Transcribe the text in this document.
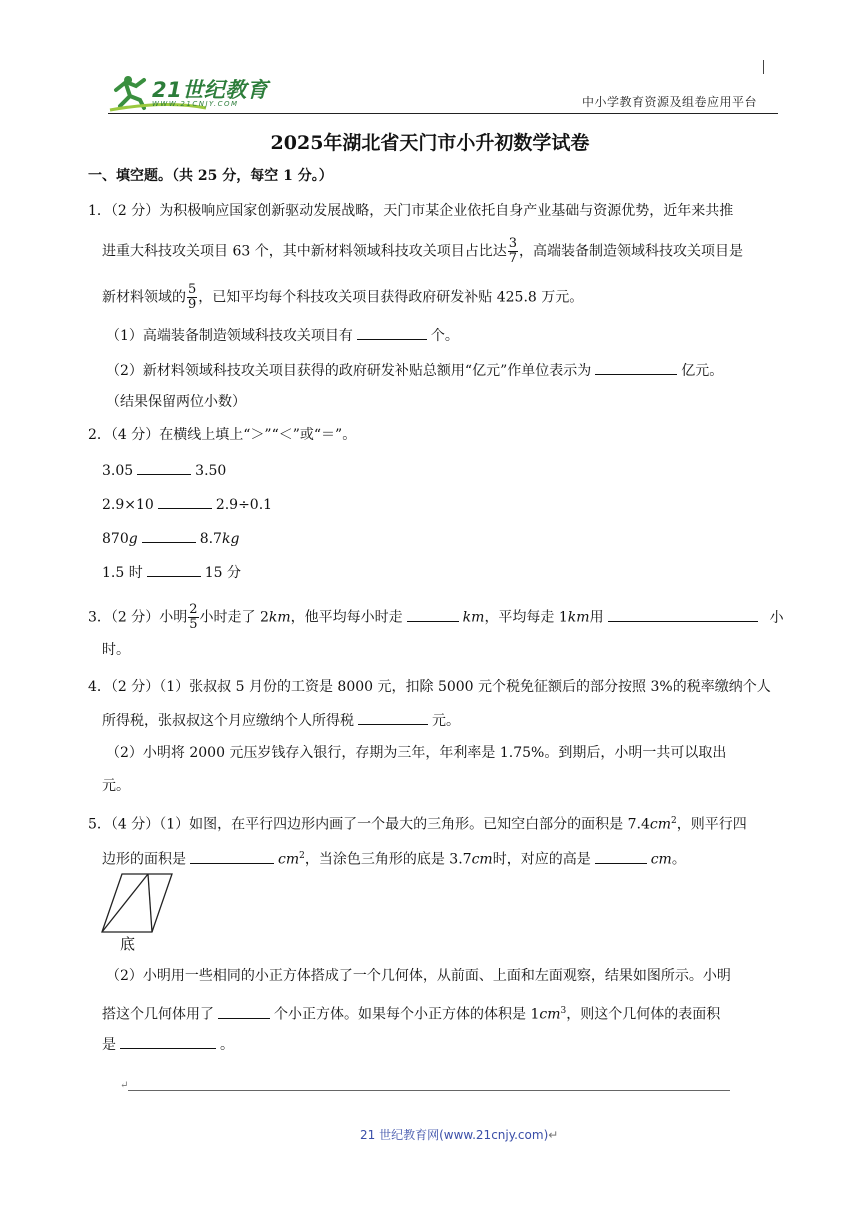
21世纪教育
WWW.21CNJY.COM	中小学教育资源及组卷应用平台
2025年湖北省天门市小升初数学试卷
一、填空题。（共 25 分，每空 1 分。）
1．（2 分）为积极响应国家创新驱动发展战略，天门市某企业依托自身产业基础与资源优势，近年来共推
进重大科技攻关项目 63 个，其中新材料领域科技攻关项目占比达 $\frac{3}{7}$ ，高端装备制造领域科技攻关项目是
新材料领域的 $\frac{5}{9}$ ，已知平均每个科技攻关项目获得政府研发补贴 425.8 万元。
（1）高端装备制造领域科技攻关项目有	个。
（2）新材料领域科技攻关项目获得的政府研发补贴总额用“亿元”作单位表示为	亿元。
（结果保留两位小数）
2．（4 分）在横线上填上“＞”“＜”或“＝”。
3.05	3.50
2.9×10	2.9÷0.1
870g	8.7kg
1.5 时	15 分
3．（2 分）小明 $\frac{2}{5}$ 小时走了 2km，他平均每小时走	km，平均每走 1km用	小
时。
4．（2 分）（1）张叔叔 5 月份的工资是 8000 元，扣除 5000 元个税免征额后的部分按照 3%的税率缴纳个人
所得税，张叔叔这个月应缴纳个人所得税	元。
（2）小明将 2000 元压岁钱存入银行，存期为三年，年利率是 1.75%。到期后，小明一共可以取出
元。
5．（4 分）（1）如图，在平行四边形内画了一个最大的三角形。已知空白部分的面积是 $7.4cm^2$，则平行四
边形的面积是	$cm^2$，当涂色三角形的底是 3.7cm时，对应的高是	cm。
底
（2）小明用一些相同的小正方体搭成了一个几何体，从前面、上面和左面观察，结果如图所示。小明
搭这个几何体用了	个小正方体。如果每个小正方体的体积是 $1cm^3$，则这个几何体的表面积
是	。
↵
21 世纪教育网(www.21cnjy.com)↵
